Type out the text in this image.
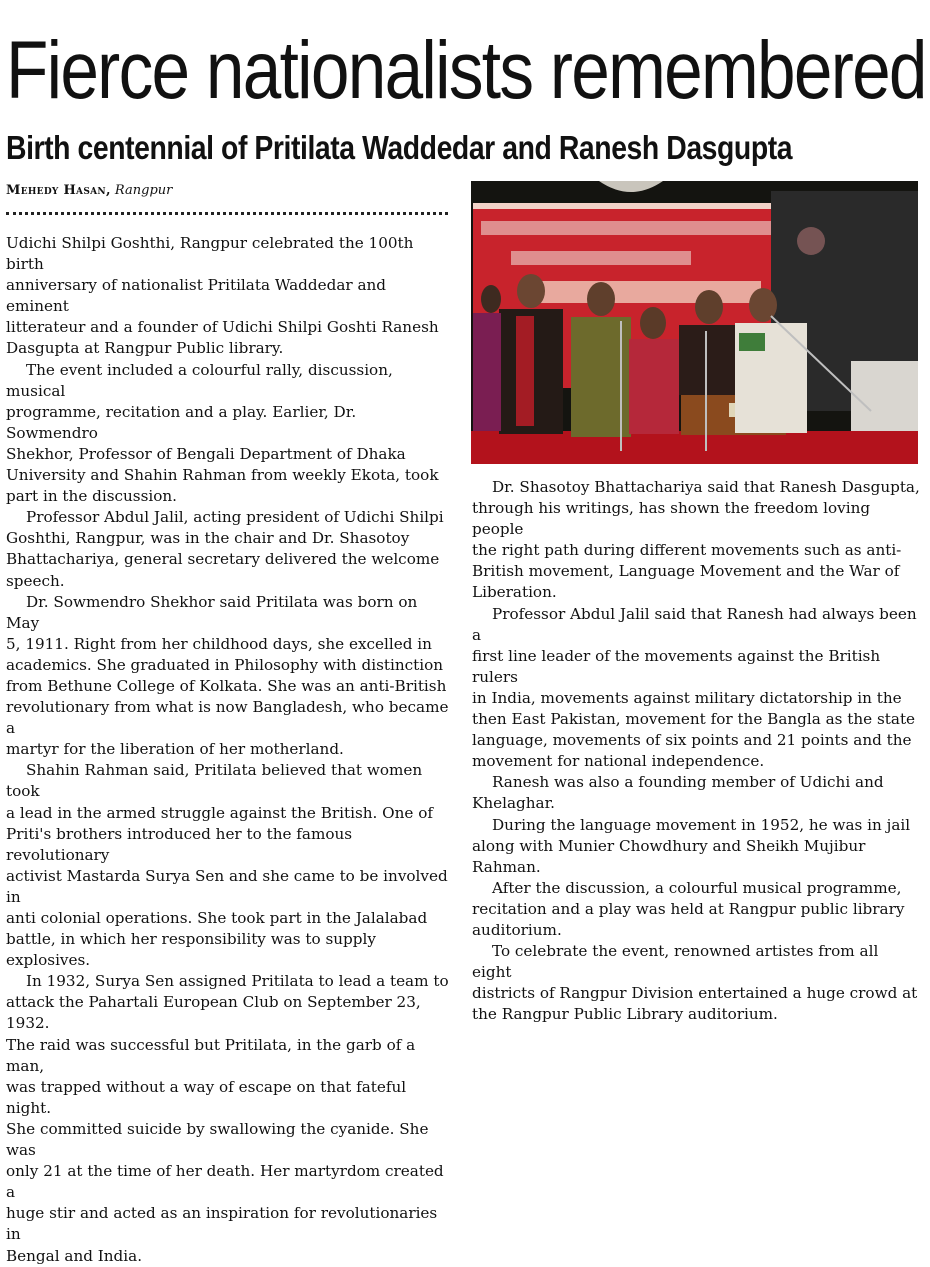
Fierce nationalists remembered
Birth centennial of Pritilata Waddedar and Ranesh Dasgupta
Mehedy Hasan, Rangpur

Udichi Shilpi Goshthi, Rangpur celebrated the 100th birth
anniversary of nationalist Pritilata Waddedar and eminent
litterateur and a founder of Udichi Shilpi Goshti Ranesh
Dasgupta at Rangpur Public library.

The event included a colourful rally, discussion, musical
programme, recitation and a play. Earlier, Dr. Sowmendro
Shekhor, Professor of Bengali Department of Dhaka
University and Shahin Rahman from weekly Ekota, took
part in the discussion.

Professor Abdul Jalil, acting president of Udichi Shilpi
Goshthi, Rangpur, was in the chair and Dr. Shasotoy
Bhattachariya, general secretary delivered the welcome
speech.

Dr. Sowmendro Shekhor said Pritilata was born on May
5, 1911. Right from her childhood days, she excelled in
academics. She graduated in Philosophy with distinction
from Bethune College of Kolkata. She was an anti-British
revolutionary from what is now Bangladesh, who became a
martyr for the liberation of her motherland.

Shahin Rahman said, Pritilata believed that women took
a lead in the armed struggle against the British. One of
Priti's brothers introduced her to the famous revolutionary
activist Mastarda Surya Sen and she came to be involved in
anti colonial operations. She took part in the Jalalabad
battle, in which her responsibility was to supply explosives.

In 1932, Surya Sen assigned Pritilata to lead a team to
attack the Pahartali European Club on September 23, 1932.
The raid was successful but Pritilata, in the garb of a man,
was trapped without a way of escape on that fateful night.
She committed suicide by swallowing the cyanide. She was
only 21 at the time of her death. Her martyrdom created a
huge stir and acted as an inspiration for revolutionaries in
Bengal and India.

Dr. Shasotoy Bhattachariya said that Ranesh Dasgupta,
through his writings, has shown the freedom loving people
the right path during different movements such as anti-
British movement, Language Movement and the War of
Liberation.

Professor Abdul Jalil said that Ranesh had always been a
first line leader of the movements against the British rulers
in India, movements against military dictatorship in the
then East Pakistan, movement for the Bangla as the state
language, movements of six points and 21 points and the
movement for national independence.

Ranesh was also a founding member of Udichi and
Khelaghar.

During the language movement in 1952, he was in jail
along with Munier Chowdhury and Sheikh Mujibur Rahman.

After the discussion, a colourful musical programme,
recitation and a play was held at Rangpur public library
auditorium.

To celebrate the event, renowned artistes from all eight
districts of Rangpur Division entertained a huge crowd at
the Rangpur Public Library auditorium.
